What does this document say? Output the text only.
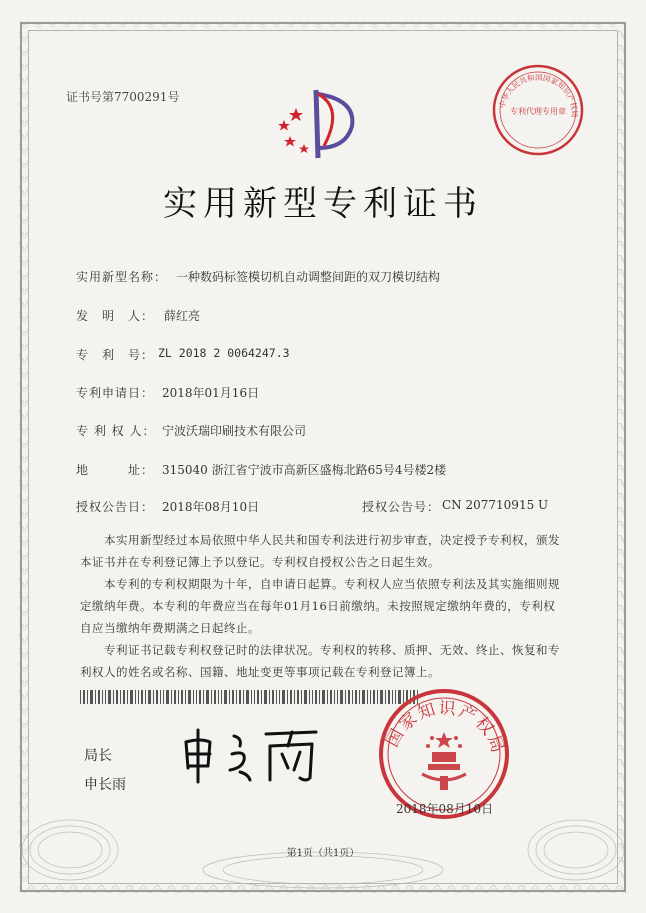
证书号第7700291号
中华人民共和国国家知识产权局
专利代理专用章
实用新型专利证书
实用新型名称： 一种数码标签模切机自动调整间距的双刀模切结构
发　明　人： 薛红亮
专　利　号： ZL 2018 2 0064247.3
专利申请日： 2018年01月16日
专 利 权 人： 宁波沃瑞印刷技术有限公司
地　　　址： 315040 浙江省宁波市高新区盛梅北路65号4号楼2楼
授权公告日： 2018年08月10日	授权公告号： CN 207710915 U
本实用新型经过本局依照中华人民共和国专利法进行初步审查，决定授予专利权，颁发
本证书并在专利登记簿上予以登记。专利权自授权公告之日起生效。
本专利的专利权期限为十年，自申请日起算。专利权人应当依照专利法及其实施细则规
定缴纳年费。本专利的年费应当在每年01月16日前缴纳。未按照规定缴纳年费的，专利权
自应当缴纳年费期满之日起终止。
专利证书记载专利权登记时的法律状况。专利权的转移、质押、无效、终止、恢复和专
利权人的姓名或名称、国籍、地址变更等事项记载在专利登记簿上。
局长
申长雨
国家知识产权局
2018年08月10日
第1页（共1页）
